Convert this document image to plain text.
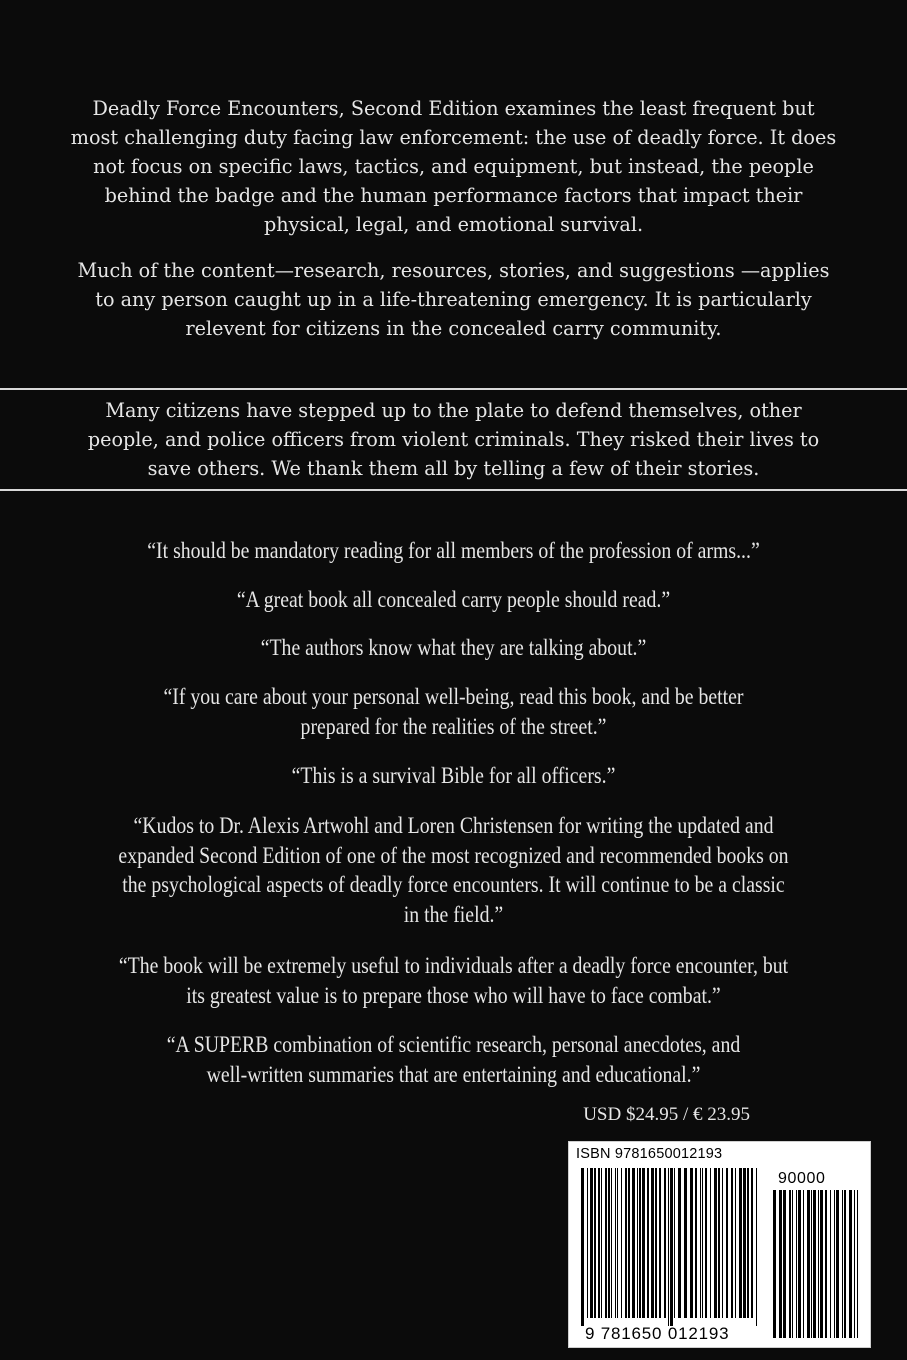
Deadly Force Encounters, Second Edition examines the least frequent but most challenging duty facing law enforcement: the use of deadly force. It does not focus on specific laws, tactics, and equipment, but instead, the people behind the badge and the human performance factors that impact their physical, legal, and emotional survival.
Much of the content—research, resources, stories, and suggestions —applies to any person caught up in a life-threatening emergency. It is particularly relevent for citizens in the concealed carry community.
Many citizens have stepped up to the plate to defend themselves, other people, and police officers from violent criminals. They risked their lives to save others. We thank them all by telling a few of their stories.
“It should be mandatory reading for all members of the profession of arms...”
“A great book all concealed carry people should read.”
“The authors know what they are talking about.”
“If you care about your personal well-being, read this book, and be better prepared for the realities of the street.”
“This is a survival Bible for all officers.”
“Kudos to Dr. Alexis Artwohl and Loren Christensen for writing the updated and expanded Second Edition of one of the most recognized and recommended books on the psychological aspects of deadly force encounters. It will continue to be a classic in the field.”
“The book will be extremely useful to individuals after a deadly force encounter, but its greatest value is to prepare those who will have to face combat.”
“A SUPERB combination of scientific research, personal anecdotes, and well-written summaries that are entertaining and educational.”
USD $24.95 / € 23.95
ISBN 9781650012193
90000
9 781650 012193
